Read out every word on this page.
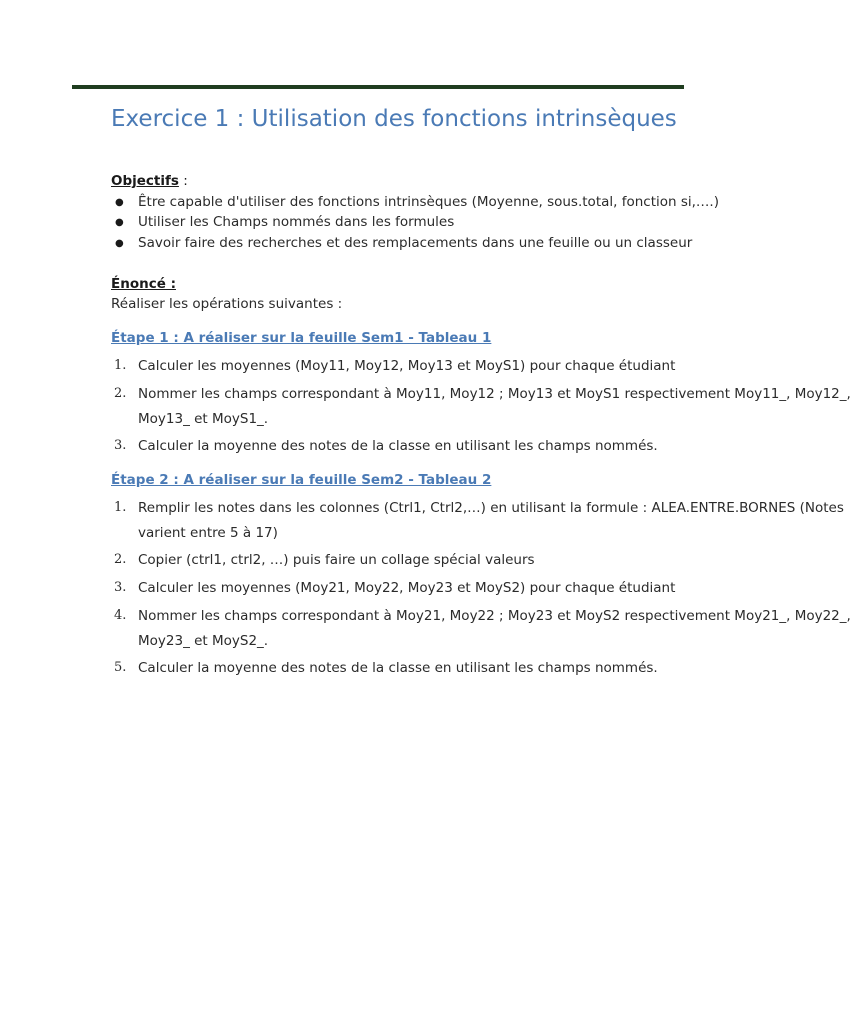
Exercice 1 : Utilisation des fonctions intrinsèques
Objectifs :
● Être capable d'utiliser des fonctions intrinsèques (Moyenne, sous.total, fonction si,….)
● Utiliser les Champs nommés dans les formules
● Savoir faire des recherches et des remplacements dans une feuille ou un classeur
Énoncé :
Réaliser les opérations suivantes :
Étape 1 : A réaliser sur la feuille Sem1 - Tableau 1
1. Calculer les moyennes (Moy11, Moy12, Moy13 et MoyS1) pour chaque étudiant
2. Nommer les champs correspondant à Moy11, Moy12 ; Moy13 et MoyS1 respectivement Moy11_, Moy12_,
Moy13_ et MoyS1_.
3. Calculer la moyenne des notes de la classe en utilisant les champs nommés.
Étape 2 : A réaliser sur la feuille Sem2 - Tableau 2
1. Remplir les notes dans les colonnes (Ctrl1, Ctrl2,…) en utilisant la formule : ALEA.ENTRE.BORNES (Notes
varient entre 5 à 17)
2. Copier (ctrl1, ctrl2, …) puis faire un collage spécial valeurs
3. Calculer les moyennes (Moy21, Moy22, Moy23 et MoyS2) pour chaque étudiant
4. Nommer les champs correspondant à Moy21, Moy22 ; Moy23 et MoyS2 respectivement Moy21_, Moy22_,
Moy23_ et MoyS2_.
5. Calculer la moyenne des notes de la classe en utilisant les champs nommés.
